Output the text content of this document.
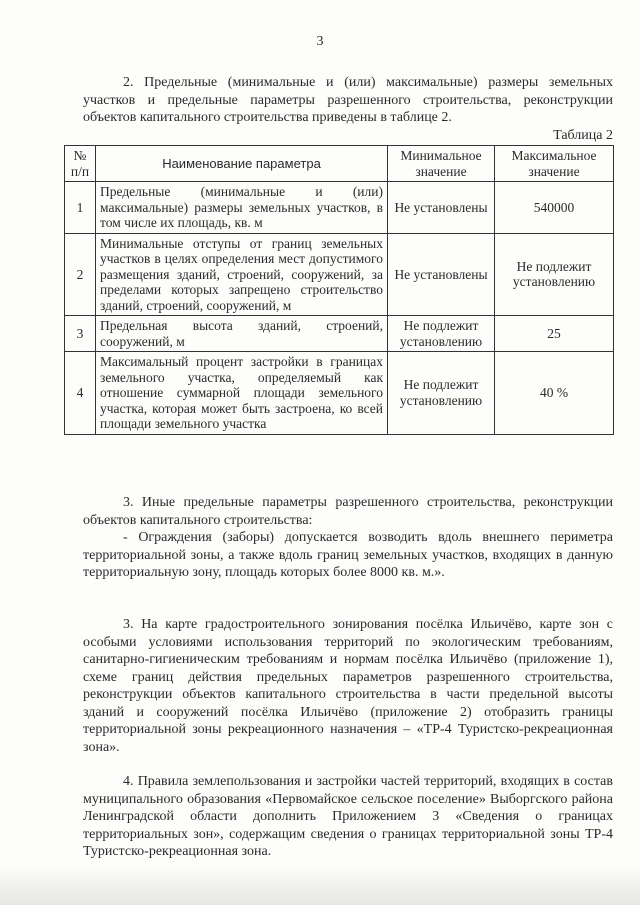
3

2. Предельные (минимальные и (или) максимальные) размеры земельных участков и предельные параметры разрешенного строительства, реконструкции объектов капитального строительства приведены в таблице 2.

Таблица 2
№ п/п	Наименование параметра	Минимальное значение	Максимальное значение
1	Предельные (минимальные и (или) максимальные) размеры земельных участков, в том числе их площадь, кв. м	Не установлены	540000
2	Минимальные отступы от границ земельных участков в целях определения мест допустимого размещения зданий, строений, сооружений, за пределами которых запрещено строительство зданий, строений, сооружений, м	Не установлены	Не подлежит установлению
3	Предельная высота зданий, строений, сооружений, м	Не подлежит установлению	25
4	Максимальный процент застройки в границах земельного участка, определяемый как отношение суммарной площади земельного участка, которая может быть застроена, ко всей площади земельного участка	Не подлежит установлению	40 %

3. Иные предельные параметры разрешенного строительства, реконструкции объектов капитального строительства:

- Ограждения (заборы) допускается возводить вдоль внешнего периметра территориальной зоны, а также вдоль границ земельных участков, входящих в данную территориальную зону, площадь которых более 8000 кв. м.».

3. На карте градостроительного зонирования посёлка Ильичёво, карте зон с особыми условиями использования территорий по экологическим требованиям, санитарно-гигиеническим требованиям и нормам посёлка Ильичёво (приложение 1), схеме границ действия предельных параметров разрешенного строительства, реконструкции объектов капитального строительства в части предельной высоты зданий и сооружений посёлка Ильичёво (приложение 2) отобразить границы территориальной зоны рекреационного назначения – «ТР-4 Туристско-рекреационная зона».

4. Правила землепользования и застройки частей территорий, входящих в состав муниципального образования «Первомайское сельское поселение» Выборгского района Ленинградской области дополнить Приложением 3 «Сведения о границах территориальных зон», содержащим сведения о границах территориальной зоны ТР-4 Туристско-рекреационная зона.
